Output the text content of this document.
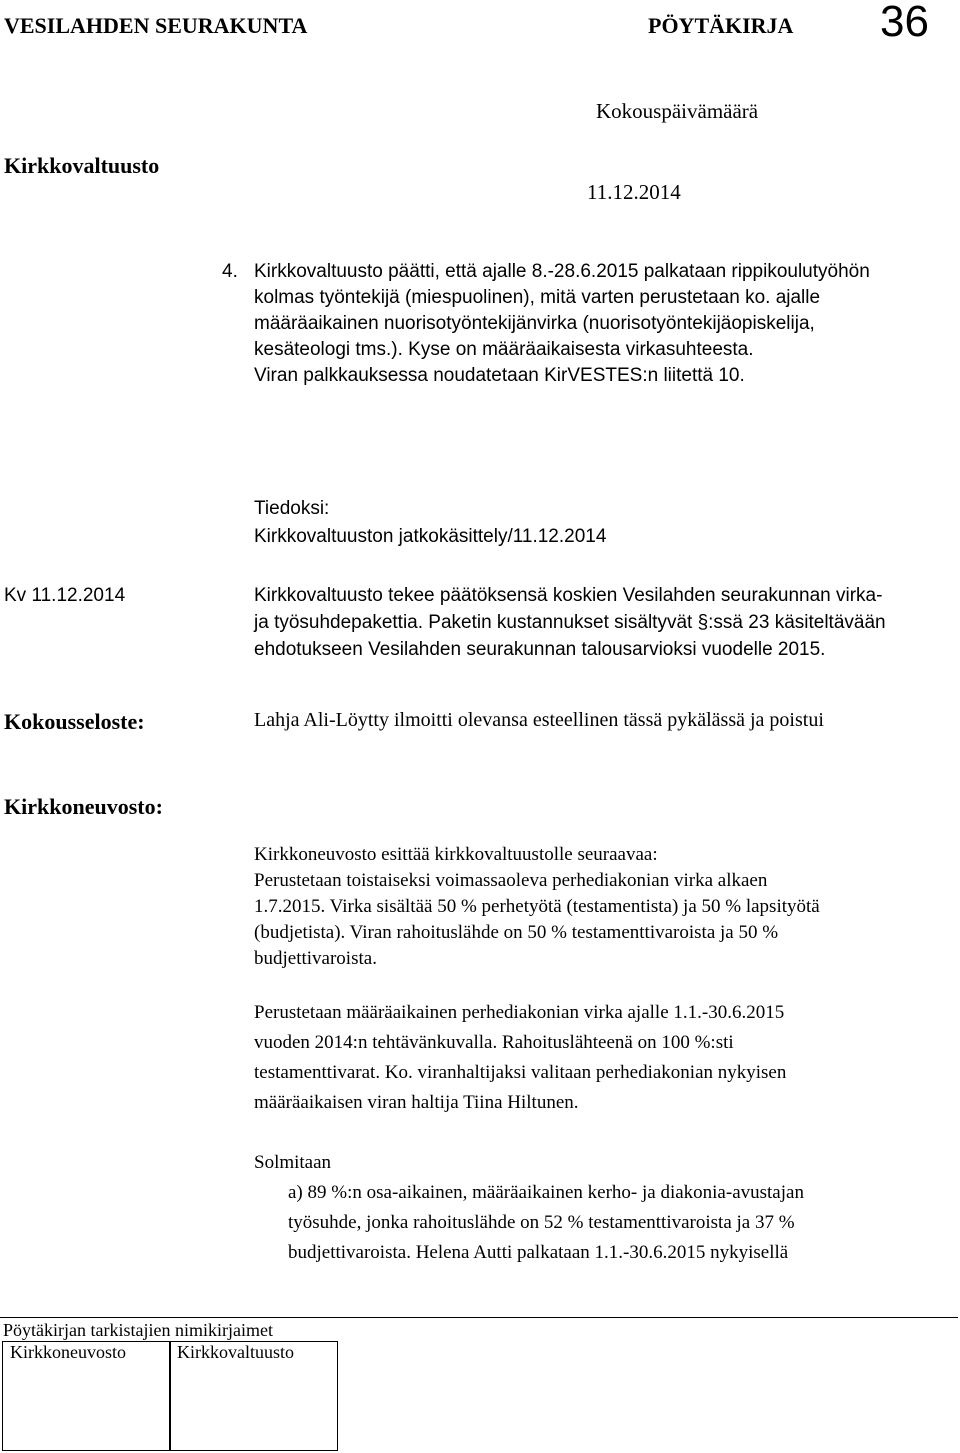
VESILAHDEN SEURAKUNTA	PÖYTÄKIRJA 36
Kokouspäivämäärä
Kirkkovaltuusto
11.12.2014
4. Kirkkovaltuusto päätti, että ajalle 8.-28.6.2015 palkataan rippikoulutyöhön
kolmas työntekijä (miespuolinen), mitä varten perustetaan ko. ajalle
määräaikainen nuorisotyöntekijänvirka (nuorisotyöntekijäopiskelija,
kesäteologi tms.). Kyse on määräaikaisesta virkasuhteesta.
Viran palkkauksessa noudatetaan KirVESTES:n liitettä 10.
Tiedoksi:
Kirkkovaltuuston jatkokäsittely/11.12.2014
Kv 11.12.2014	Kirkkovaltuusto tekee päätöksensä koskien Vesilahden seurakunnan virka-
ja työsuhdepakettia. Paketin kustannukset sisältyvät §:ssä 23 käsiteltävään
ehdotukseen Vesilahden seurakunnan talousarvioksi vuodelle 2015.
Kokousseloste:	Lahja Ali-Löytty ilmoitti olevansa esteellinen tässä pykälässä ja poistui
Kirkkoneuvosto:
Kirkkoneuvosto esittää kirkkovaltuustolle seuraavaa:
Perustetaan toistaiseksi voimassaoleva perhediakonian virka alkaen
1.7.2015. Virka sisältää 50 % perhetyötä (testamentista) ja 50 % lapsityötä
(budjetista). Viran rahoituslähde on 50 % testamenttivaroista ja 50 %
budjettivaroista.
Perustetaan määräaikainen perhediakonian virka ajalle 1.1.-30.6.2015
vuoden 2014:n tehtävänkuvalla. Rahoituslähteenä on 100 %:sti
testamenttivarat. Ko. viranhaltijaksi valitaan perhediakonian nykyisen
määräaikaisen viran haltija Tiina Hiltunen.
Solmitaan
a) 89 %:n osa-aikainen, määräaikainen kerho- ja diakonia-avustajan
työsuhde, jonka rahoituslähde on 52 % testamenttivaroista ja 37 %
budjettivaroista. Helena Autti palkataan 1.1.-30.6.2015 nykyisellä
Pöytäkirjan tarkistajien nimikirjaimet
Kirkkoneuvosto	Kirkkovaltuusto
